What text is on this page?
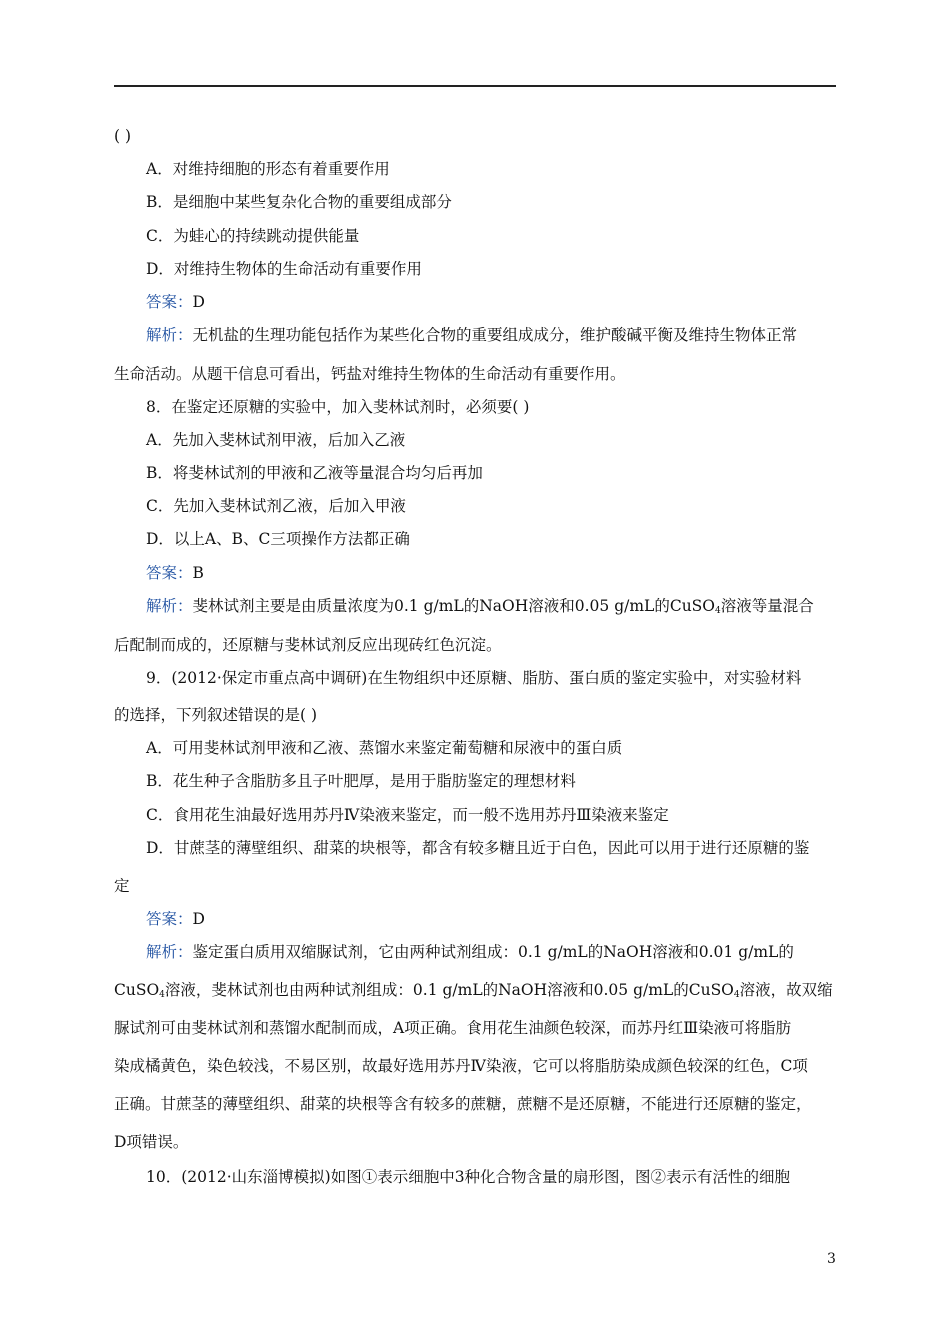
( )
A．对维持细胞的形态有着重要作用
B．是细胞中某些复杂化合物的重要组成部分
C．为蛙心的持续跳动提供能量
D．对维持生物体的生命活动有重要作用
答案：D
解析：无机盐的生理功能包括作为某些化合物的重要组成成分，维护酸碱平衡及维持生物体正常
生命活动。从题干信息可看出，钙盐对维持生物体的生命活动有重要作用。
8．在鉴定还原糖的实验中，加入斐林试剂时，必须要( )
A．先加入斐林试剂甲液，后加入乙液
B．将斐林试剂的甲液和乙液等量混合均匀后再加
C．先加入斐林试剂乙液，后加入甲液
D．以上A、B、C三项操作方法都正确
答案：B
解析：斐林试剂主要是由质量浓度为0.1 g/mL的NaOH溶液和0.05 g/mL的CuSO$_4$溶液等量混合
后配制而成的，还原糖与斐林试剂反应出现砖红色沉淀。
9．(2012·保定市重点高中调研)在生物组织中还原糖、脂肪、蛋白质的鉴定实验中，对实验材料
的选择，下列叙述错误的是( )
A．可用斐林试剂甲液和乙液、蒸馏水来鉴定葡萄糖和尿液中的蛋白质
B．花生种子含脂肪多且子叶肥厚，是用于脂肪鉴定的理想材料
C．食用花生油最好选用苏丹Ⅳ染液来鉴定，而一般不选用苏丹Ⅲ染液来鉴定
D．甘蔗茎的薄壁组织、甜菜的块根等，都含有较多糖且近于白色，因此可以用于进行还原糖的鉴
定
答案：D
解析：鉴定蛋白质用双缩脲试剂，它由两种试剂组成：0.1 g/mL的NaOH溶液和0.01 g/mL的
CuSO$_4$溶液，斐林试剂也由两种试剂组成：0.1 g/mL的NaOH溶液和0.05 g/mL的CuSO$_4$溶液，故双缩
脲试剂可由斐林试剂和蒸馏水配制而成，A项正确。食用花生油颜色较深，而苏丹红Ⅲ染液可将脂肪
染成橘黄色，染色较浅，不易区别，故最好选用苏丹Ⅳ染液，它可以将脂肪染成颜色较深的红色，C项
正确。甘蔗茎的薄壁组织、甜菜的块根等含有较多的蔗糖，蔗糖不是还原糖，不能进行还原糖的鉴定，
D项错误。
10．(2012·山东淄博模拟)如图①表示细胞中3种化合物含量的扇形图，图②表示有活性的细胞
3
